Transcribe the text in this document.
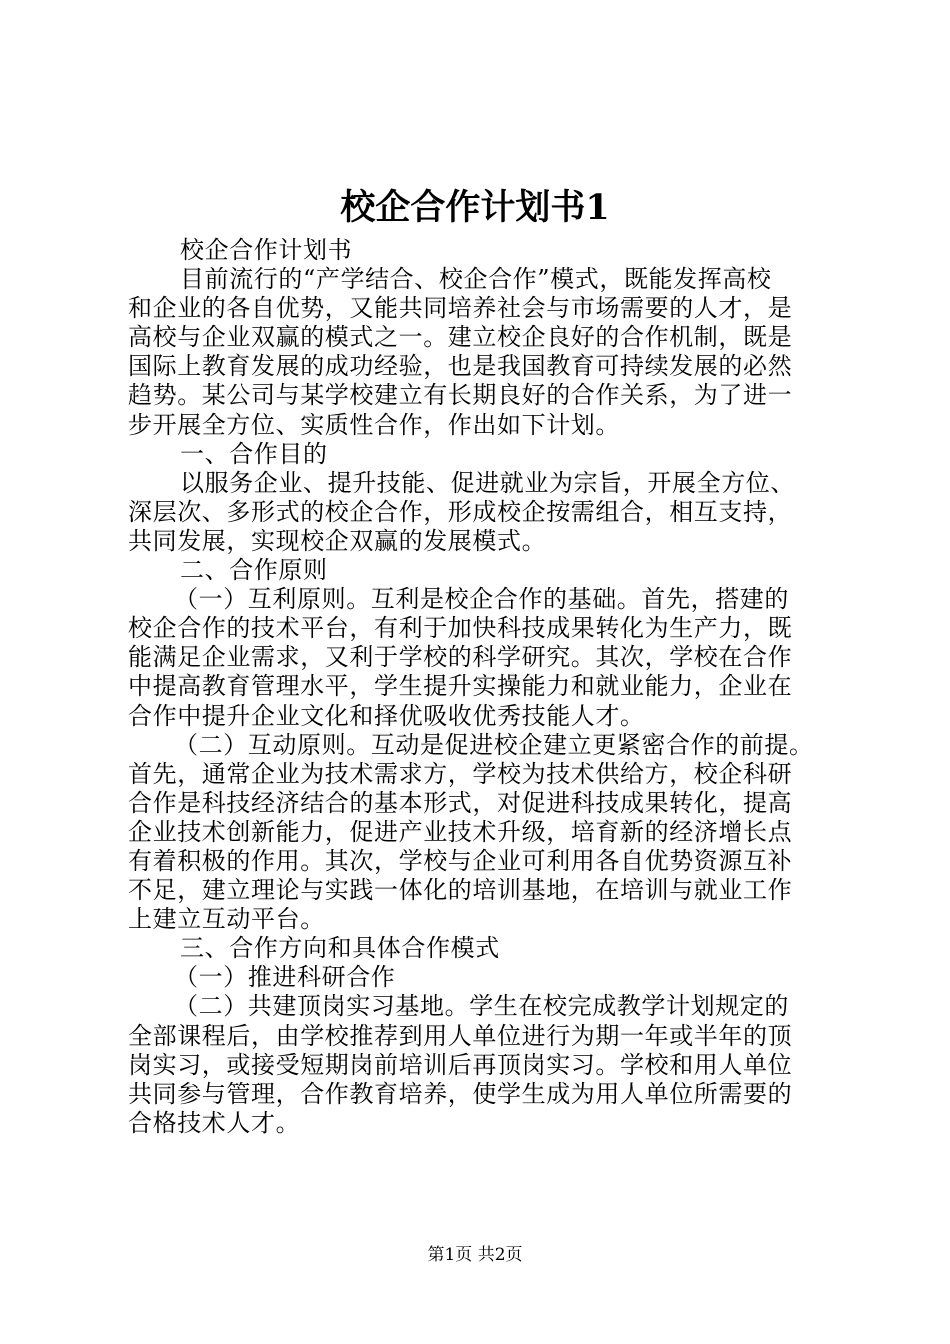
校企合作计划书1
校企合作计划书
目前流行的“产学结合、校企合作”模式，既能发挥高校
和企业的各自优势，又能共同培养社会与市场需要的人才，是
高校与企业双赢的模式之一。建立校企良好的合作机制，既是
国际上教育发展的成功经验，也是我国教育可持续发展的必然
趋势。某公司与某学校建立有长期良好的合作关系，为了进一
步开展全方位、实质性合作，作出如下计划。
一、合作目的
以服务企业、提升技能、促进就业为宗旨，开展全方位、
深层次、多形式的校企合作，形成校企按需组合，相互支持，
共同发展，实现校企双赢的发展模式。
二、合作原则
（一）互利原则。互利是校企合作的基础。首先，搭建的
校企合作的技术平台，有利于加快科技成果转化为生产力，既
能满足企业需求，又利于学校的科学研究。其次，学校在合作
中提高教育管理水平，学生提升实操能力和就业能力，企业在
合作中提升企业文化和择优吸收优秀技能人才。
（二）互动原则。互动是促进校企建立更紧密合作的前提。
首先，通常企业为技术需求方，学校为技术供给方，校企科研
合作是科技经济结合的基本形式，对促进科技成果转化，提高
企业技术创新能力，促进产业技术升级，培育新的经济增长点
有着积极的作用。其次，学校与企业可利用各自优势资源互补
不足，建立理论与实践一体化的培训基地，在培训与就业工作
上建立互动平台。
三、合作方向和具体合作模式
（一）推进科研合作
（二）共建顶岗实习基地。学生在校完成教学计划规定的
全部课程后，由学校推荐到用人单位进行为期一年或半年的顶
岗实习，或接受短期岗前培训后再顶岗实习。学校和用人单位
共同参与管理，合作教育培养，使学生成为用人单位所需要的
合格技术人才。
第1页 共2页
